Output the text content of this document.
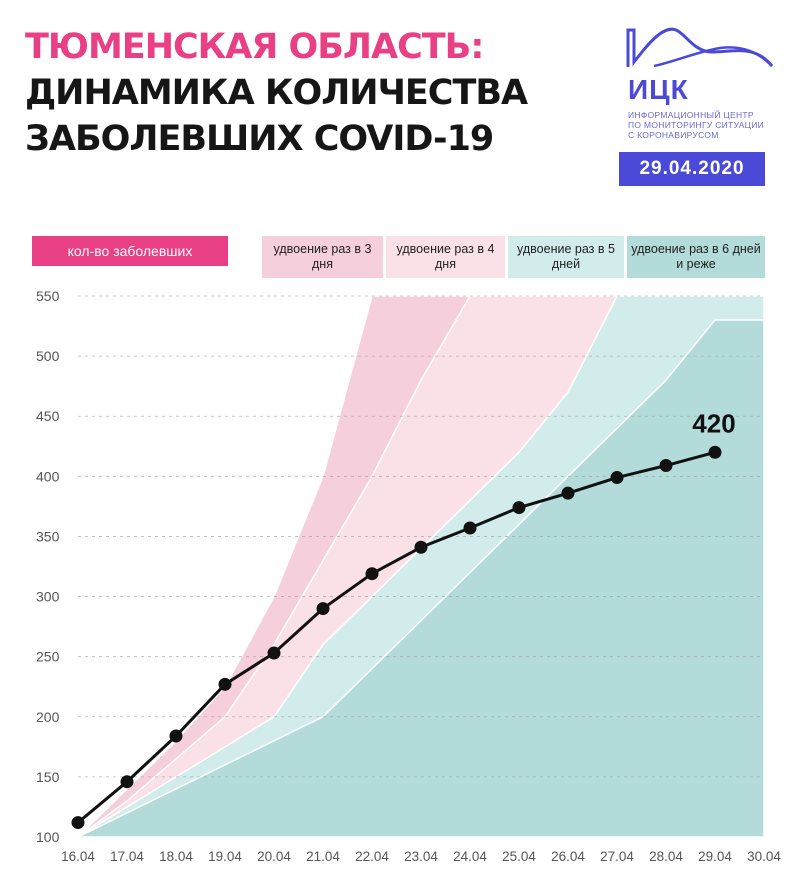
ТЮМЕНСКАЯ ОБЛАСТЬ:
ДИНАМИКА КОЛИЧЕСТВА
ЗАБОЛЕВШИХ COVID-19
ИЦК
ИНФОРМАЦИОННЫЙ ЦЕНТР
ПО МОНИТОРИНГУ СИТУАЦИИ
С КОРОНАВИРУСОМ
29.04.2020
кол-во заболевших	удвоение раз в 3 дня
удвоение раз в 4 дня
удвоение раз в 5 дней
удвоение раз в 6 дней и реже
100
150
200
250
300
350
400
450
500
550
16.04 17.04 18.04 19.04 20.04 21.04 22.04 23.04 24.04 25.04 26.04 27.04 28.04 29.04 30.04
420
